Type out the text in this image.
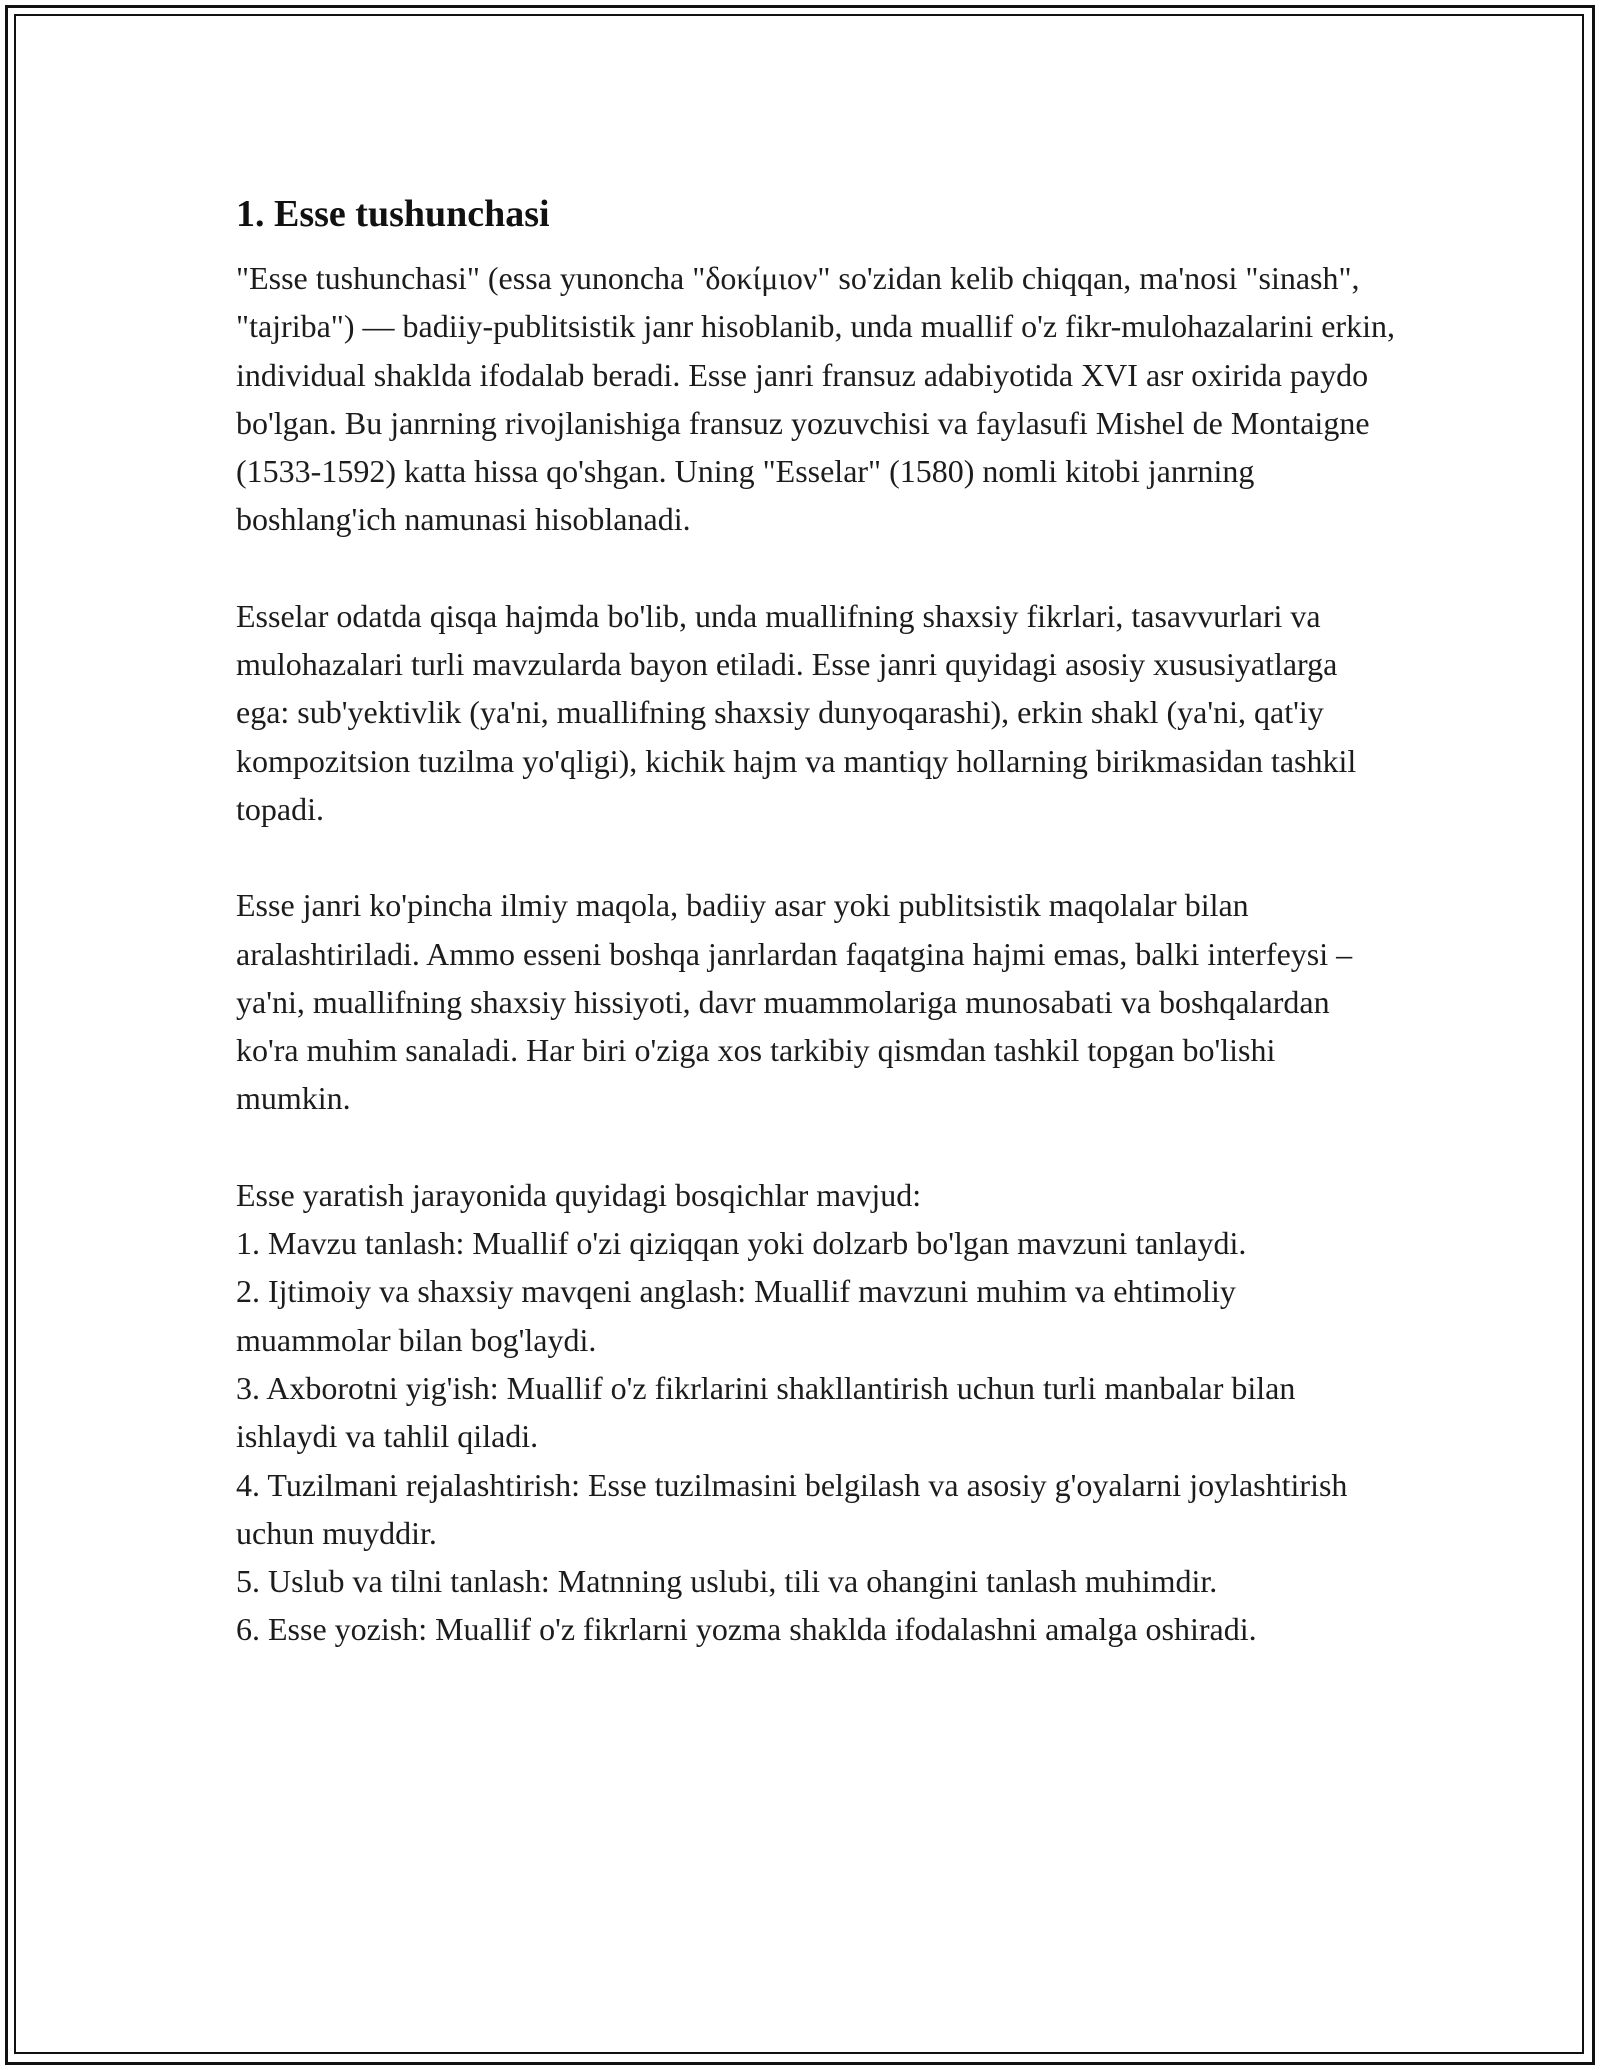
1. Esse tushunchasi

"Esse tushunchasi" (essa yunoncha "δοκίμιον" so'zidan kelib chiqqan, ma'nosi "sinash", "tajriba") — badiiy-publitsistik janr hisoblanib, unda muallif o'z fikr-mulohazalarini erkin, individual shaklda ifodalab beradi. Esse janri fransuz adabiyotida XVI asr oxirida paydo bo'lgan. Bu janrning rivojlanishiga fransuz yozuvchisi va faylasufi Mishel de Montaigne (1533-1592) katta hissa qo'shgan. Uning "Esselar" (1580) nomli kitobi janrning boshlang'ich namunasi hisoblanadi.

Esselar odatda qisqa hajmda bo'lib, unda muallifning shaxsiy fikrlari, tasavvurlari va mulohazalari turli mavzularda bayon etiladi. Esse janri quyidagi asosiy xususiyatlarga ega: sub'yektivlik (ya'ni, muallifning shaxsiy dunyoqarashi), erkin shakl (ya'ni, qat'iy kompozitsion tuzilma yo'qligi), kichik hajm va mantiqy hollarning birikmasidan tashkil topadi.

Esse janri ko'pincha ilmiy maqola, badiiy asar yoki publitsistik maqolalar bilan aralashtiriladi. Ammo esseni boshqa janrlardan faqatgina hajmi emas, balki interfeysi – ya'ni, muallifning shaxsiy hissiyoti, davr muammolariga munosabati va boshqalardan ko'ra muhim sanaladi. Har biri o'ziga xos tarkibiy qismdan tashkil topgan bo'lishi mumkin.

Esse yaratish jarayonida quyidagi bosqichlar mavjud:

1. Mavzu tanlash: Muallif o'zi qiziqqan yoki dolzarb bo'lgan mavzuni tanlaydi.
2. Ijtimoiy va shaxsiy mavqeni anglash: Muallif mavzuni muhim va ehtimoliy muammolar bilan bog'laydi.
3. Axborotni yig'ish: Muallif o'z fikrlarini shakllantirish uchun turli manbalar bilan ishlaydi va tahlil qiladi.
4. Tuzilmani rejalashtirish: Esse tuzilmasini belgilash va asosiy g'oyalarni joylashtirish uchun muyddir.
5. Uslub va tilni tanlash: Matnning uslubi, tili va ohangini tanlash muhimdir.
6. Esse yozish: Muallif o'z fikrlarni yozma shaklda ifodalashni amalga oshiradi.
